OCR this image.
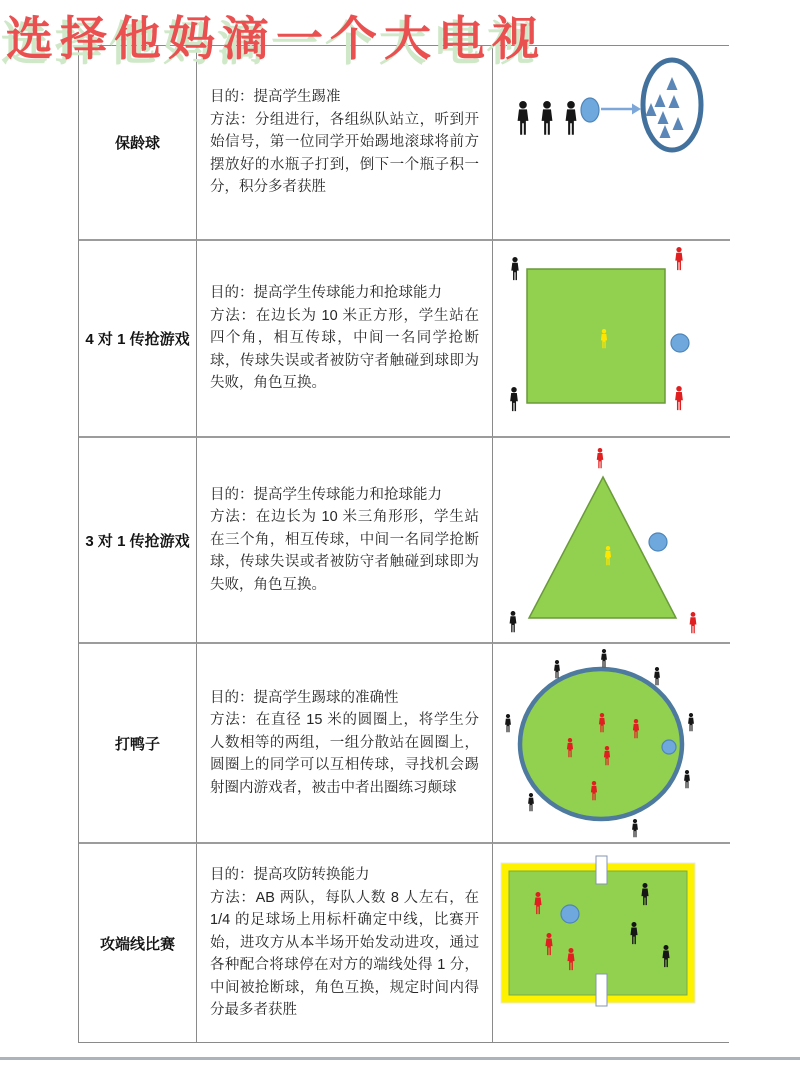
选择他妈滴一个大电视
保龄球
目的：提高学生踢准
方法：分组进行，各组纵队站立，听到开始信号，第一位同学开始踢地滚球将前方摆放好的水瓶子打到，倒下一个瓶子积一分，积分多者获胜
4 对 1 传抢游戏
目的：提高学生传球能力和抢球能力
方法：在边长为 10 米正方形，学生站在四个角，相互传球，中间一名同学抢断球，传球失误或者被防守者触碰到球即为失败，角色互换。
3 对 1 传抢游戏
目的：提高学生传球能力和抢球能力
方法：在边长为 10 米三角形形，学生站在三个角，相互传球，中间一名同学抢断球，传球失误或者被防守者触碰到球即为失败，角色互换。
打鸭子
目的：提高学生踢球的准确性
方法：在直径 15 米的圆圈上，将学生分人数相等的两组，一组分散站在圆圈上，圆圈上的同学可以互相传球，寻找机会踢射圈内游戏者，被击中者出圈练习颠球
攻端线比赛
目的：提高攻防转换能力
方法：AB 两队，每队人数 8 人左右，在 1/4 的足球场上用标杆确定中线，比赛开始，进攻方从本半场开始发动进攻，通过各种配合将球停在对方的端线处得 1 分，中间被抢断球，角色互换，规定时间内得分最多者获胜
